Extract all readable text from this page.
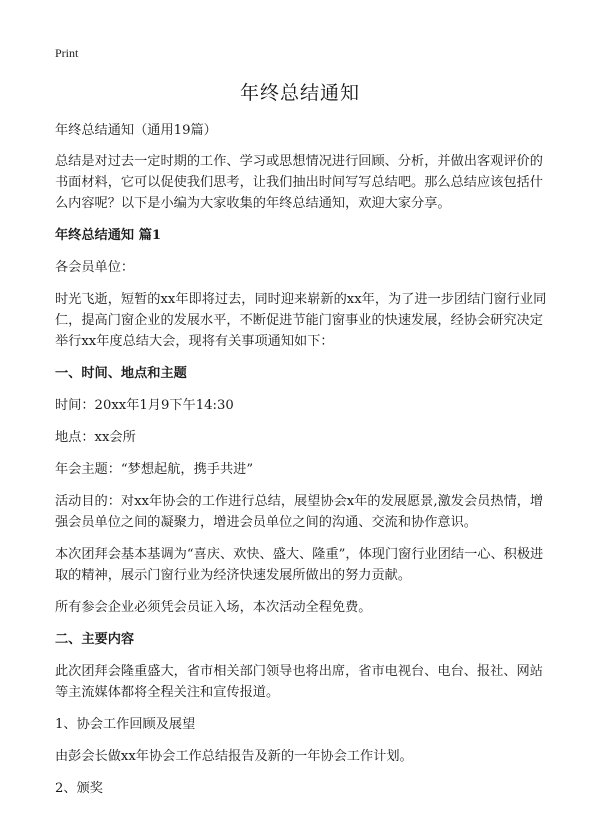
Print
年终总结通知

年终总结通知（通用19篇）

总结是对过去一定时期的工作、学习或思想情况进行回顾、分析，并做出客观评价的书面材料，它可以促使我们思考，让我们抽出时间写写总结吧。那么总结应该包括什么内容呢？以下是小编为大家收集的年终总结通知，欢迎大家分享。

年终总结通知 篇1

各会员单位：

时光飞逝，短暂的xx年即将过去，同时迎来崭新的xx年，为了进一步团结门窗行业同仁，提高门窗企业的发展水平，不断促进节能门窗事业的快速发展，经协会研究决定举行xx年度总结大会，现将有关事项通知如下：

一、时间、地点和主题

时间：20xx年1月9下午14:30

地点：xx会所

年会主题：“梦想起航，携手共进”

活动目的：对xx年协会的工作进行总结，展望协会x年的发展愿景,激发会员热情，增强会员单位之间的凝聚力，增进会员单位之间的沟通、交流和协作意识。

本次团拜会基本基调为“喜庆、欢快、盛大、隆重”，体现门窗行业团结一心、积极进取的精神，展示门窗行业为经济快速发展所做出的努力贡献。

所有参会企业必须凭会员证入场，本次活动全程免费。

二、主要内容

此次团拜会隆重盛大，省市相关部门领导也将出席，省市电视台、电台、报社、网站等主流媒体都将全程关注和宣传报道。

1、协会工作回顾及展望

由彭会长做xx年协会工作总结报告及新的一年协会工作计划。

2、颁奖
